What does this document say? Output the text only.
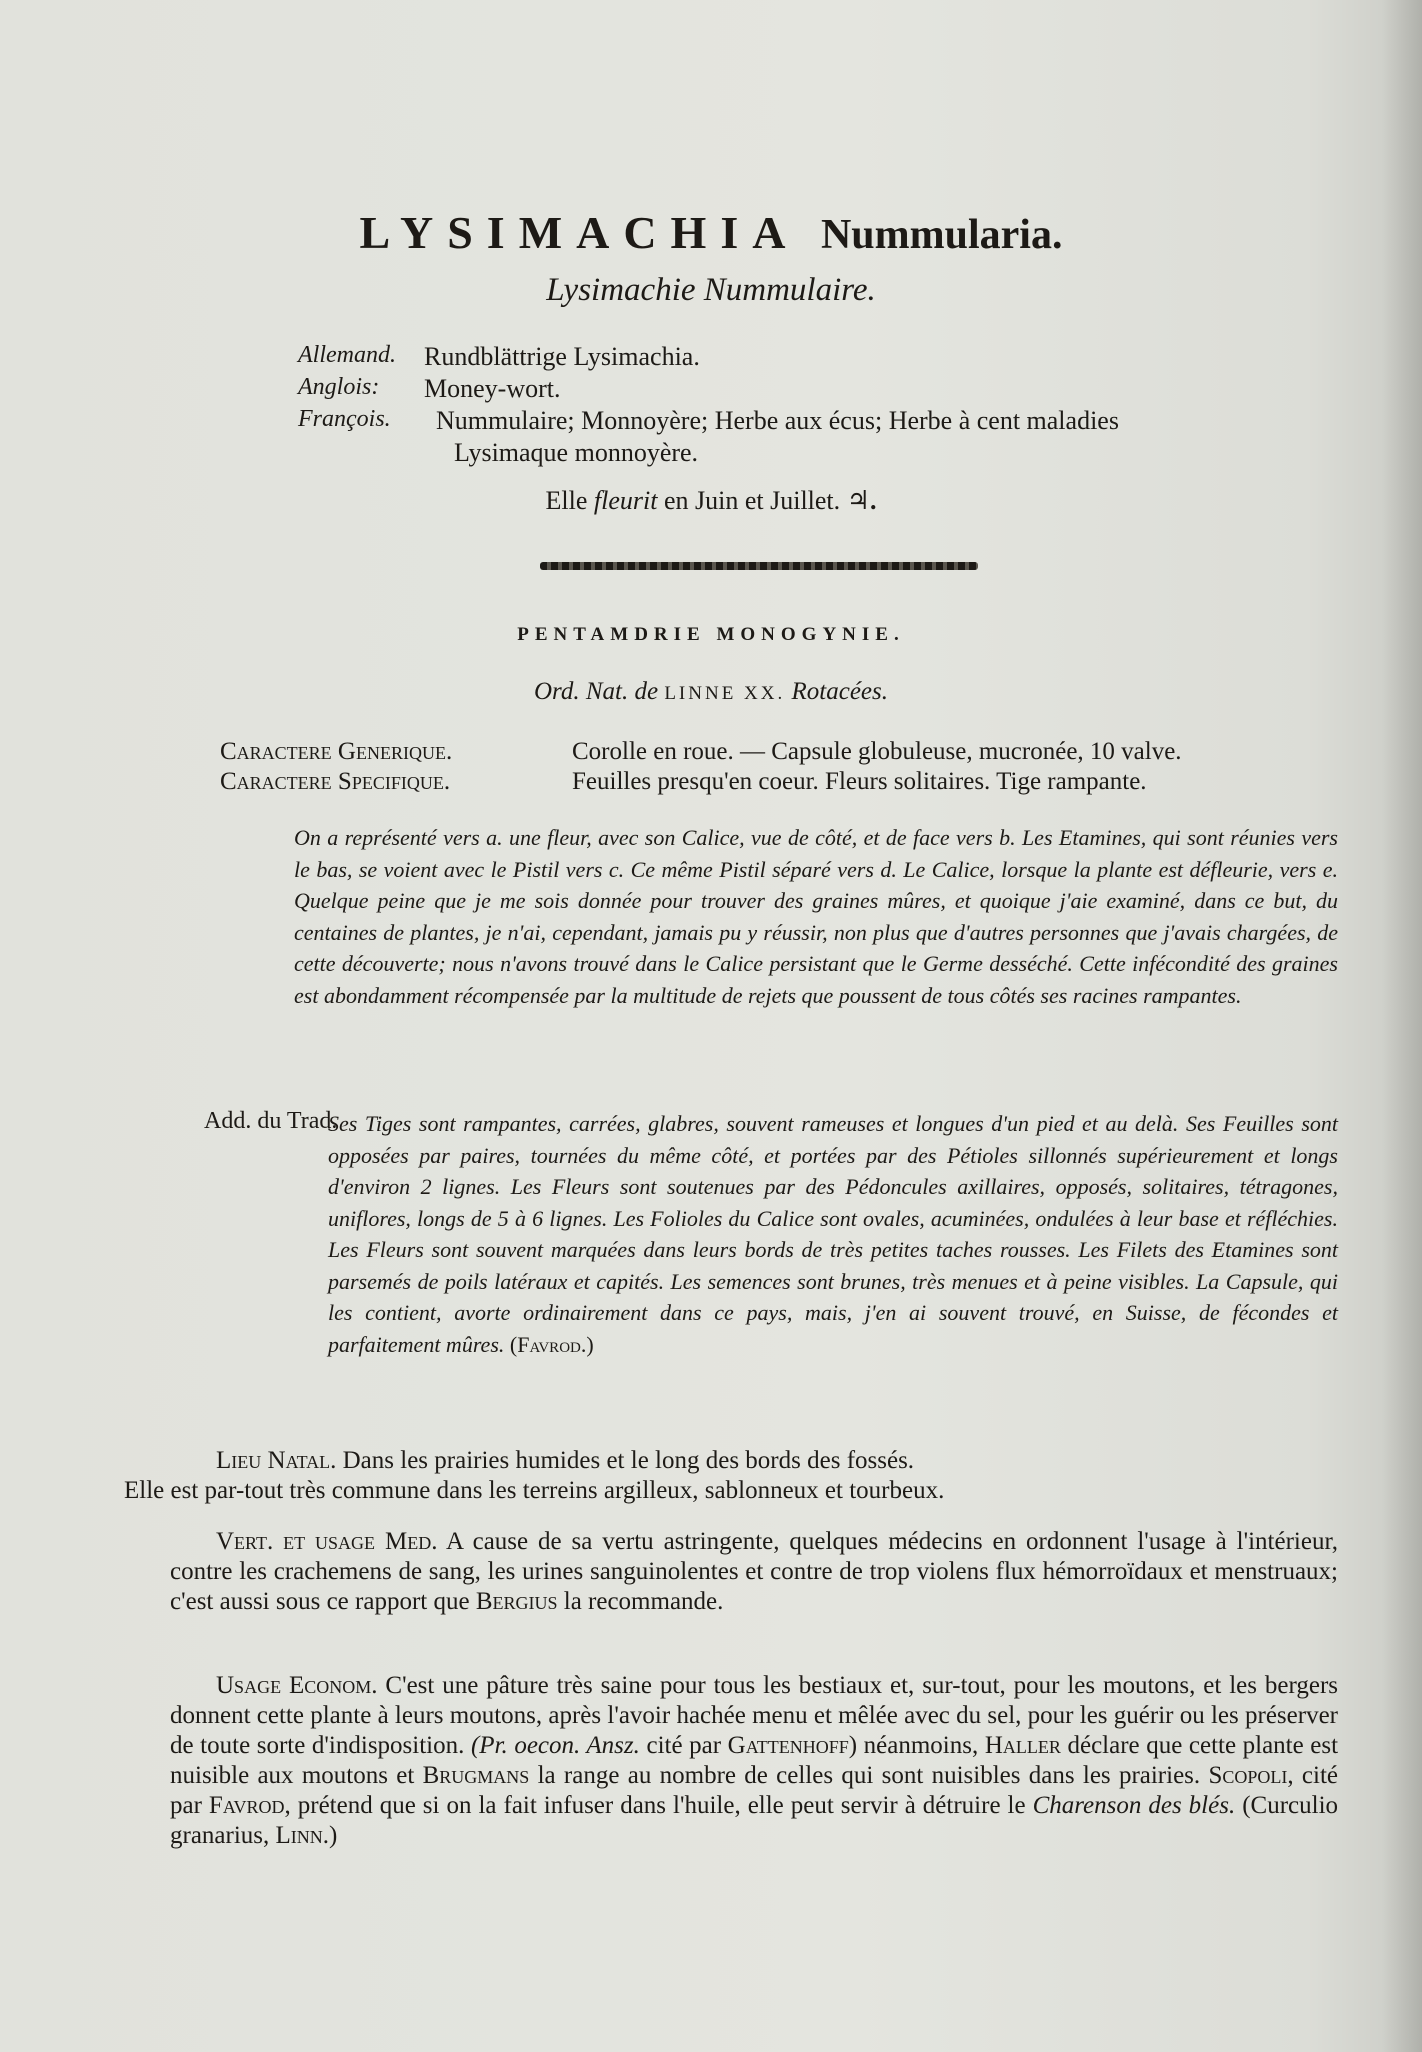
LYSIMACHIA Nummularia.
Lysimachie Nummulaire.
Allemand. Rundblättrige Lysimachia.
Anglois: Money-wort.
François. Nummulaire; Monnoyère; Herbe aux écus; Herbe à cent maladies
Lysimaque monnoyère.
Elle fleurit en Juin et Juillet. ♃.
PENTAMDRIE MONOGYNIE.
Ord. Nat. de LINNE XX. Rotacées.
Caractere Generique.	Corolle en roue. — Capsule globuleuse, mucronée, 10 valve.
Caractere Specifique.	Feuilles presqu'en coeur. Fleurs solitaires. Tige rampante.
On a représenté vers a. une fleur, avec son Calice, vue de côté, et de face vers b. Les Etamines, qui sont réunies vers le bas, se voient avec le Pistil vers c. Ce même Pistil séparé vers d. Le Calice, lorsque la plante est défleurie, vers e. Quelque peine que je me sois donnée pour trouver des graines mûres, et quoique j'aie examiné, dans ce but, du centaines de plantes, je n'ai, cependant, jamais pu y réussir, non plus que d'autres personnes que j'avais chargées, de cette découverte; nous n'avons trouvé dans le Calice persistant que le Germe desséché. Cette infécondité des graines est abondamment récompensée par la multitude de rejets que poussent de tous côtés ses racines rampantes.
Add. du Trad.
Ses Tiges sont rampantes, carrées, glabres, souvent rameuses et longues d'un pied et au delà. Ses Feuilles sont opposées par paires, tournées du même côté, et portées par des Pétioles sillonnés supérieurement et longs d'environ 2 lignes. Les Fleurs sont soutenues par des Pédoncules axillaires, opposés, solitaires, tétragones, uniflores, longs de 5 à 6 lignes. Les Folioles du Calice sont ovales, acuminées, ondulées à leur base et réfléchies. Les Fleurs sont souvent marquées dans leurs bords de très petites taches rousses. Les Filets des Etamines sont parsemés de poils latéraux et capités. Les semences sont brunes, très menues et à peine visibles. La Capsule, qui les contient, avorte ordinairement dans ce pays, mais, j'en ai souvent trouvé, en Suisse, de fécondes et parfaitement mûres. (Favrod.)
Lieu Natal. Dans les prairies humides et le long des bords des fossés.
Elle est par-tout très commune dans les terreins argilleux, sablonneux et tourbeux.
Vert. et usage Med. A cause de sa vertu astringente, quelques médecins en ordonnent l'usage à l'intérieur, contre les crachemens de sang, les urines sanguinolentes et contre de trop violens flux hémorroïdaux et menstruaux; c'est aussi sous ce rapport que Bergius la recommande.
Usage Econom. C'est une pâture très saine pour tous les bestiaux et, sur-tout, pour les moutons, et les bergers donnent cette plante à leurs moutons, après l'avoir hachée menu et mêlée avec du sel, pour les guérir ou les préserver de toute sorte d'indisposition. (Pr. oecon. Ansz. cité par Gattenhoff) néanmoins, Haller déclare que cette plante est nuisible aux moutons et Brugmans la range au nombre de celles qui sont nuisibles dans les prairies. Scopoli, cité par Favrod, prétend que si on la fait infuser dans l'huile, elle peut servir à détruire le Charenson des blés. (Curculio granarius, Linn.)
